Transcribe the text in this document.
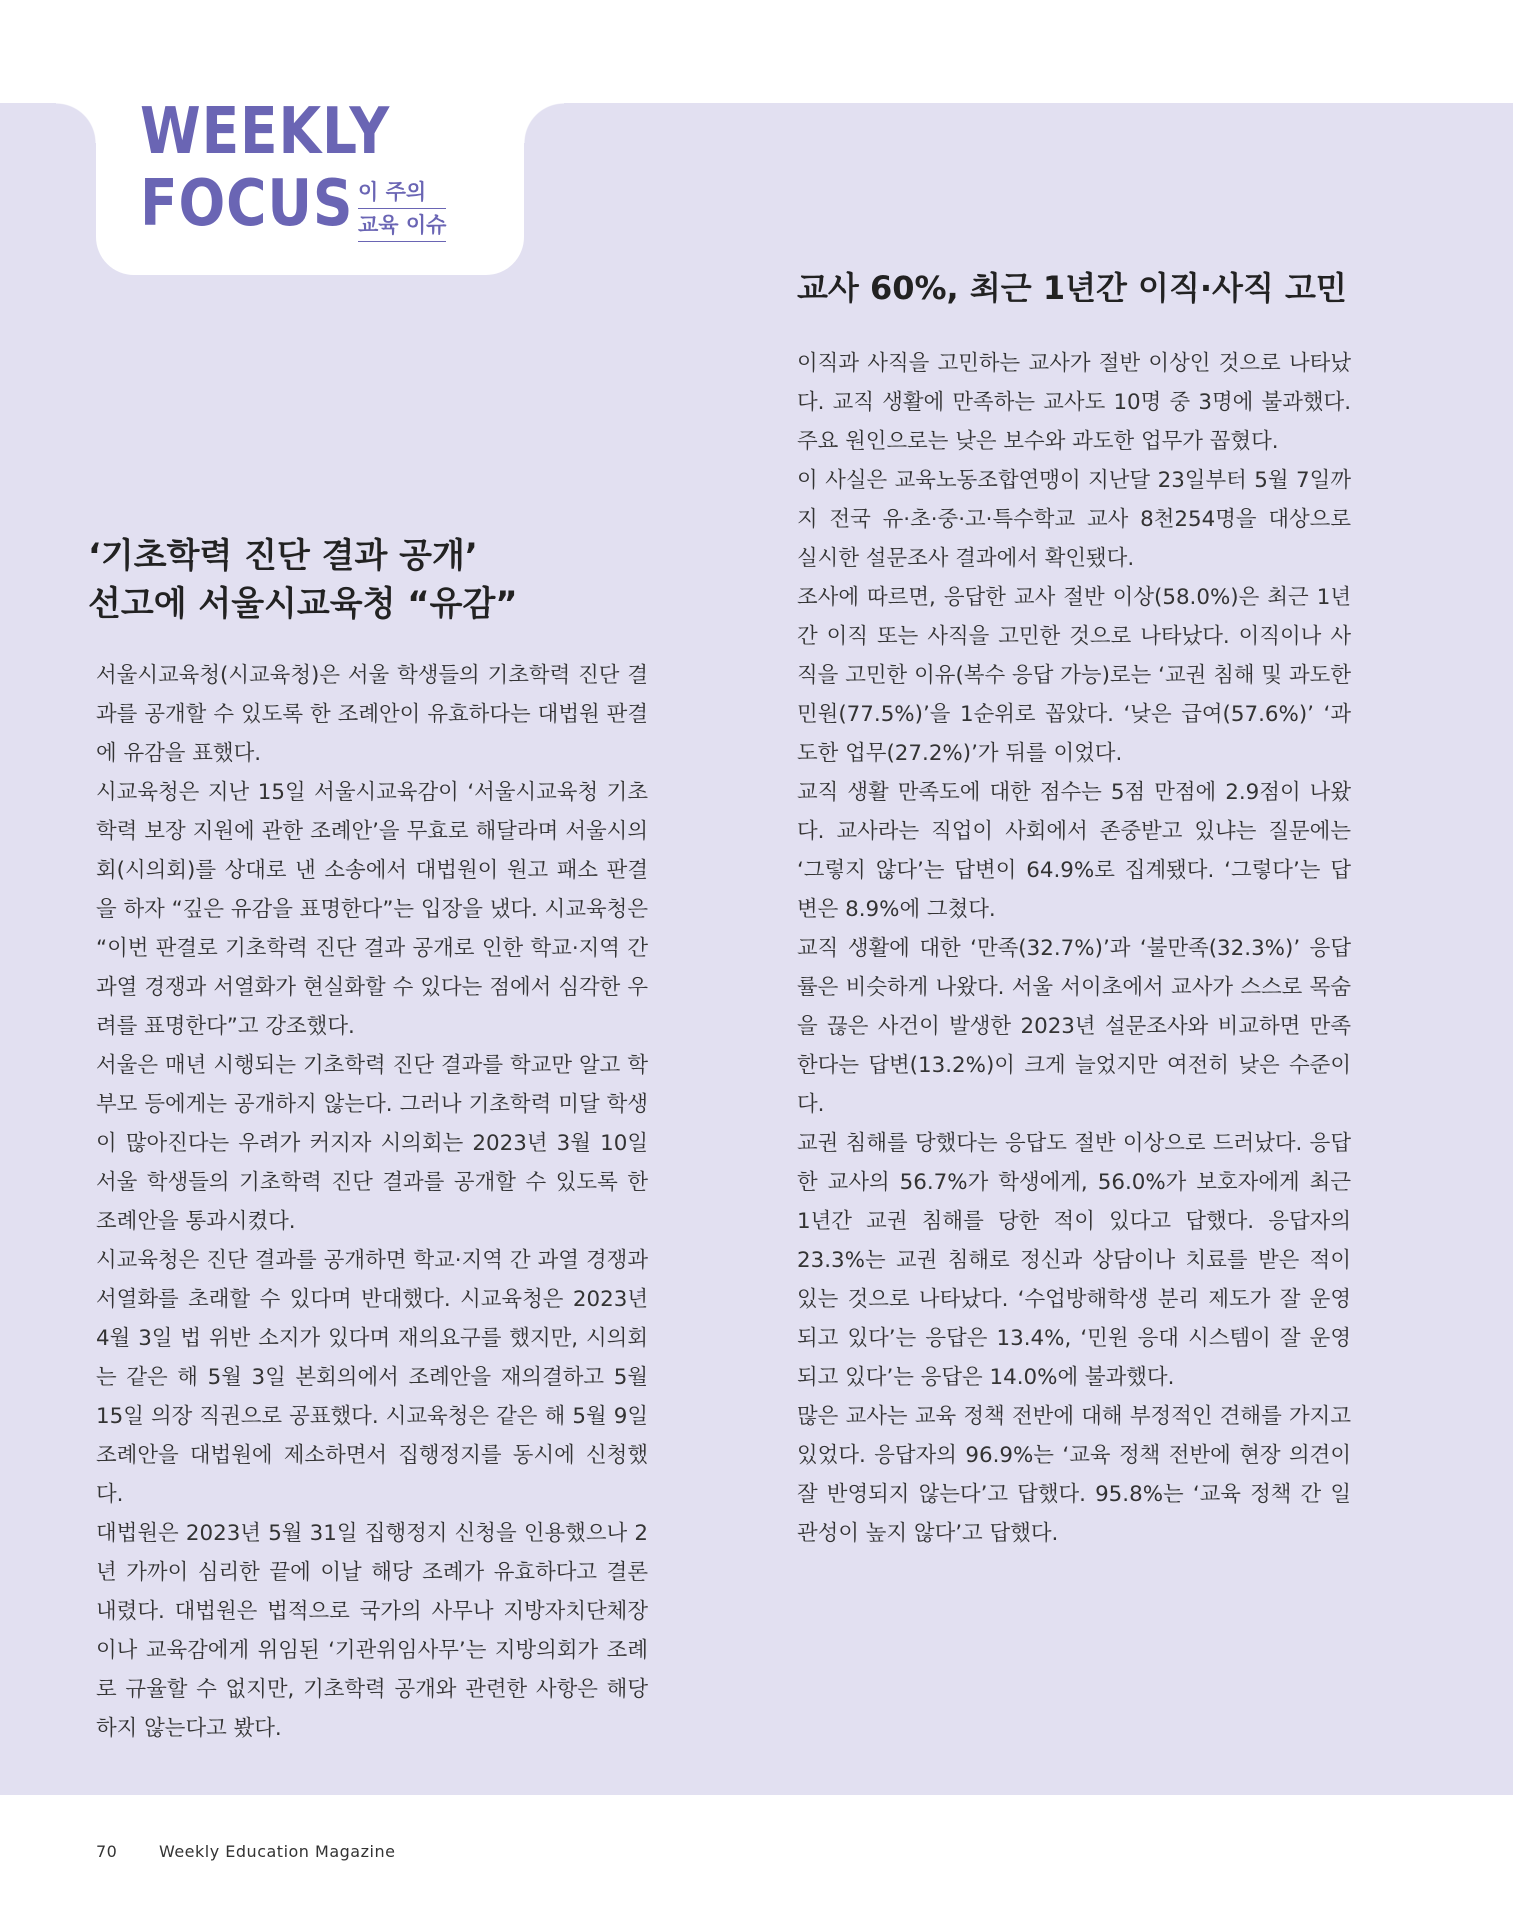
WEEKLY
FOCUS 이 주의
교육 이슈
교사 60%, 최근 1년간 이직·사직 고민
‘기초학력 진단 결과 공개’
선고에 서울시교육청 “유감”

서울시교육청(시교육청)은 서울 학생들의 기초학력 진단 결과를 공개할 수 있도록 한 조례안이 유효하다는 대법원 판결에 유감을 표했다.

시교육청은 지난 15일 서울시교육감이 ‘서울시교육청 기초학력 보장 지원에 관한 조례안’을 무효로 해달라며 서울시의회(시의회)를 상대로 낸 소송에서 대법원이 원고 패소 판결을 하자 “깊은 유감을 표명한다”는 입장을 냈다. 시교육청은 “이번 판결로 기초학력 진단 결과 공개로 인한 학교·지역 간 과열 경쟁과 서열화가 현실화할 수 있다는 점에서 심각한 우려를 표명한다”고 강조했다.

서울은 매년 시행되는 기초학력 진단 결과를 학교만 알고 학부모 등에게는 공개하지 않는다. 그러나 기초학력 미달 학생이 많아진다는 우려가 커지자 시의회는 2023년 3월 10일 서울 학생들의 기초학력 진단 결과를 공개할 수 있도록 한 조례안을 통과시켰다.

시교육청은 진단 결과를 공개하면 학교·지역 간 과열 경쟁과 서열화를 초래할 수 있다며 반대했다. 시교육청은 2023년 4월 3일 법 위반 소지가 있다며 재의요구를 했지만, 시의회는 같은 해 5월 3일 본회의에서 조례안을 재의결하고 5월 15일 의장 직권으로 공표했다. 시교육청은 같은 해 5월 9일 조례안을 대법원에 제소하면서 집행정지를 동시에 신청했다.

대법원은 2023년 5월 31일 집행정지 신청을 인용했으나 2년 가까이 심리한 끝에 이날 해당 조례가 유효하다고 결론 내렸다. 대법원은 법적으로 국가의 사무나 지방자치단체장이나 교육감에게 위임된 ‘기관위임사무’는 지방의회가 조례로 규율할 수 없지만, 기초학력 공개와 관련한 사항은 해당하지 않는다고 봤다.

이직과 사직을 고민하는 교사가 절반 이상인 것으로 나타났다. 교직 생활에 만족하는 교사도 10명 중 3명에 불과했다. 주요 원인으로는 낮은 보수와 과도한 업무가 꼽혔다.

이 사실은 교육노동조합연맹이 지난달 23일부터 5월 7일까지 전국 유·초·중·고·특수학교 교사 8천254명을 대상으로 실시한 설문조사 결과에서 확인됐다.

조사에 따르면, 응답한 교사 절반 이상(58.0%)은 최근 1년간 이직 또는 사직을 고민한 것으로 나타났다. 이직이나 사직을 고민한 이유(복수 응답 가능)로는 ‘교권 침해 및 과도한 민원(77.5%)’을 1순위로 꼽았다. ‘낮은 급여(57.6%)’ ‘과도한 업무(27.2%)’가 뒤를 이었다.

교직 생활 만족도에 대한 점수는 5점 만점에 2.9점이 나왔다. 교사라는 직업이 사회에서 존중받고 있냐는 질문에는 ‘그렇지 않다’는 답변이 64.9%로 집계됐다. ‘그렇다’는 답변은 8.9%에 그쳤다.

교직 생활에 대한 ‘만족(32.7%)’과 ‘불만족(32.3%)’ 응답률은 비슷하게 나왔다. 서울 서이초에서 교사가 스스로 목숨을 끊은 사건이 발생한 2023년 설문조사와 비교하면 만족한다는 답변(13.2%)이 크게 늘었지만 여전히 낮은 수준이다.

교권 침해를 당했다는 응답도 절반 이상으로 드러났다. 응답한 교사의 56.7%가 학생에게, 56.0%가 보호자에게 최근 1년간 교권 침해를 당한 적이 있다고 답했다. 응답자의 23.3%는 교권 침해로 정신과 상담이나 치료를 받은 적이 있는 것으로 나타났다. ‘수업방해학생 분리 제도가 잘 운영되고 있다’는 응답은 13.4%, ‘민원 응대 시스템이 잘 운영되고 있다’는 응답은 14.0%에 불과했다.

많은 교사는 교육 정책 전반에 대해 부정적인 견해를 가지고 있었다. 응답자의 96.9%는 ‘교육 정책 전반에 현장 의견이 잘 반영되지 않는다’고 답했다. 95.8%는 ‘교육 정책 간 일관성이 높지 않다’고 답했다.

70	Weekly Education Magazine
